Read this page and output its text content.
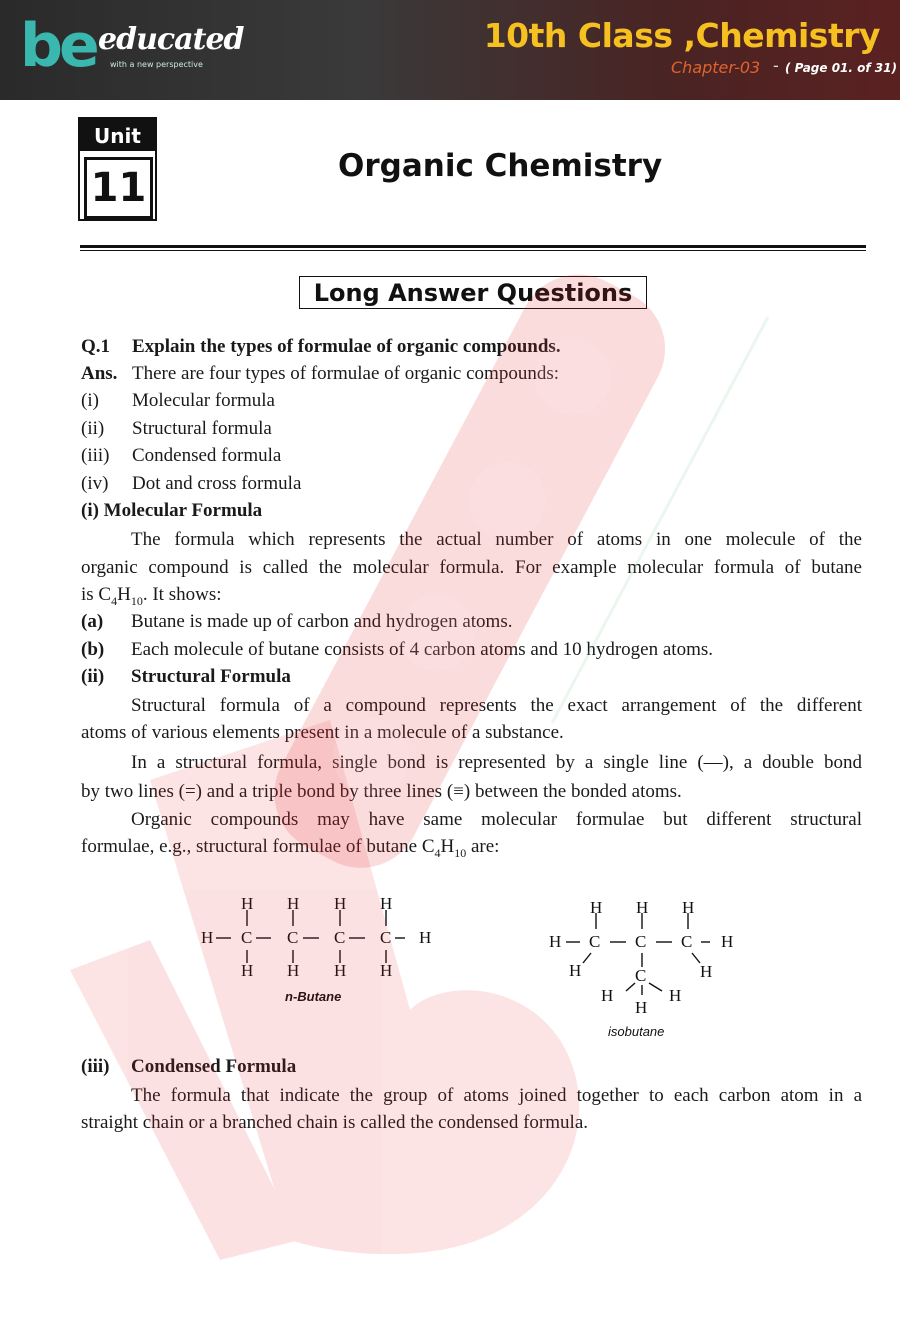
be educated
with a new perspective
10th Class ,Chemistry
Chapter-03 - ( Page 01. of 31)
Unit
11	Organic Chemistry
Long Answer Questions
Q.1 Explain the types of formulae of organic compounds.
Ans. There are four types of formulae of organic compounds:
(i) Molecular formula
(ii) Structural formula
(iii) Condensed formula
(iv) Dot and cross formula
(i) Molecular Formula
The formula which represents the actual number of atoms in one molecule of the
organic compound is called the molecular formula. For example molecular formula of butane
is $C_4H_{10}$. It shows:
(a) Butane is made up of carbon and hydrogen atoms.
(b) Each molecule of butane consists of 4 carbon atoms and 10 hydrogen atoms.
(ii) Structural Formula
Structural formula of a compound represents the exact arrangement of the different
atoms of various elements present in a molecule of a substance.
In a structural formula, single bond is represented by a single line (—), a double bond
by two lines (=) and a triple bond by three lines (≡) between the bonded atoms.
Organic compounds may have same molecular formulae but different structural
formulae, e.g., structural formulae of butane $C_4H_{10}$ are:
H H H H
H C C C C H
H H H H
n-Butane
H H H
H C C C H
H	H
C
H	H
H
isobutane
(iii) Condensed Formula
The formula that indicate the group of atoms joined together to each carbon atom in a
straight chain or a branched chain is called the condensed formula.
